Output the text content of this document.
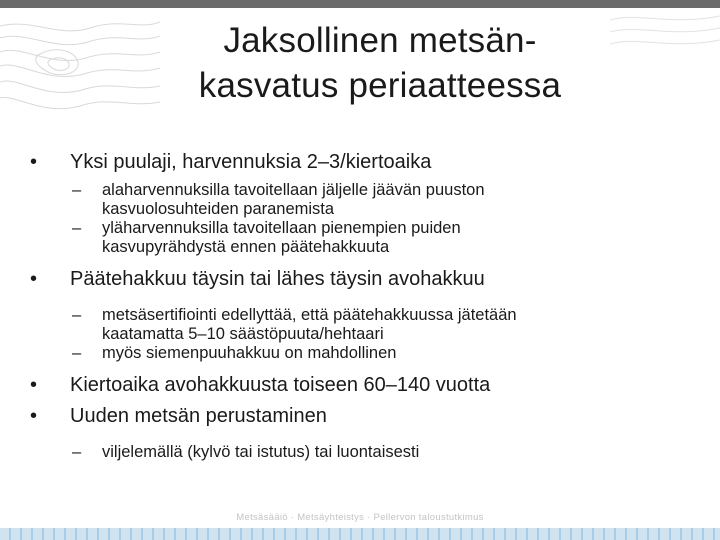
Jaksollinen metsän-
kasvatus periaatteessa
• Yksi puulaji, harvennuksia 2–3/kiertoaika
– alaharvennuksilla tavoitellaan jäljelle jäävän puuston
kasvuolosuhteiden paranemista
– yläharvennuksilla tavoitellaan pienempien puiden
kasvupyrähdystä ennen päätehakkuuta
• Päätehakkuu täysin tai lähes täysin avohakkuu
– metsäsertifiointi edellyttää, että päätehakkuussa jätetään
kaatamatta 5–10 säästöpuuta/hehtaari
– myös siemenpuuhakkuu on mahdollinen
• Kiertoaika avohakkuusta toiseen 60–140 vuotta
• Uuden metsän perustaminen
– viljelemällä (kylvö tai istutus) tai luontaisesti
Metsäsääiö · Metsäyhteistys · Pellervon taloustutkimus
